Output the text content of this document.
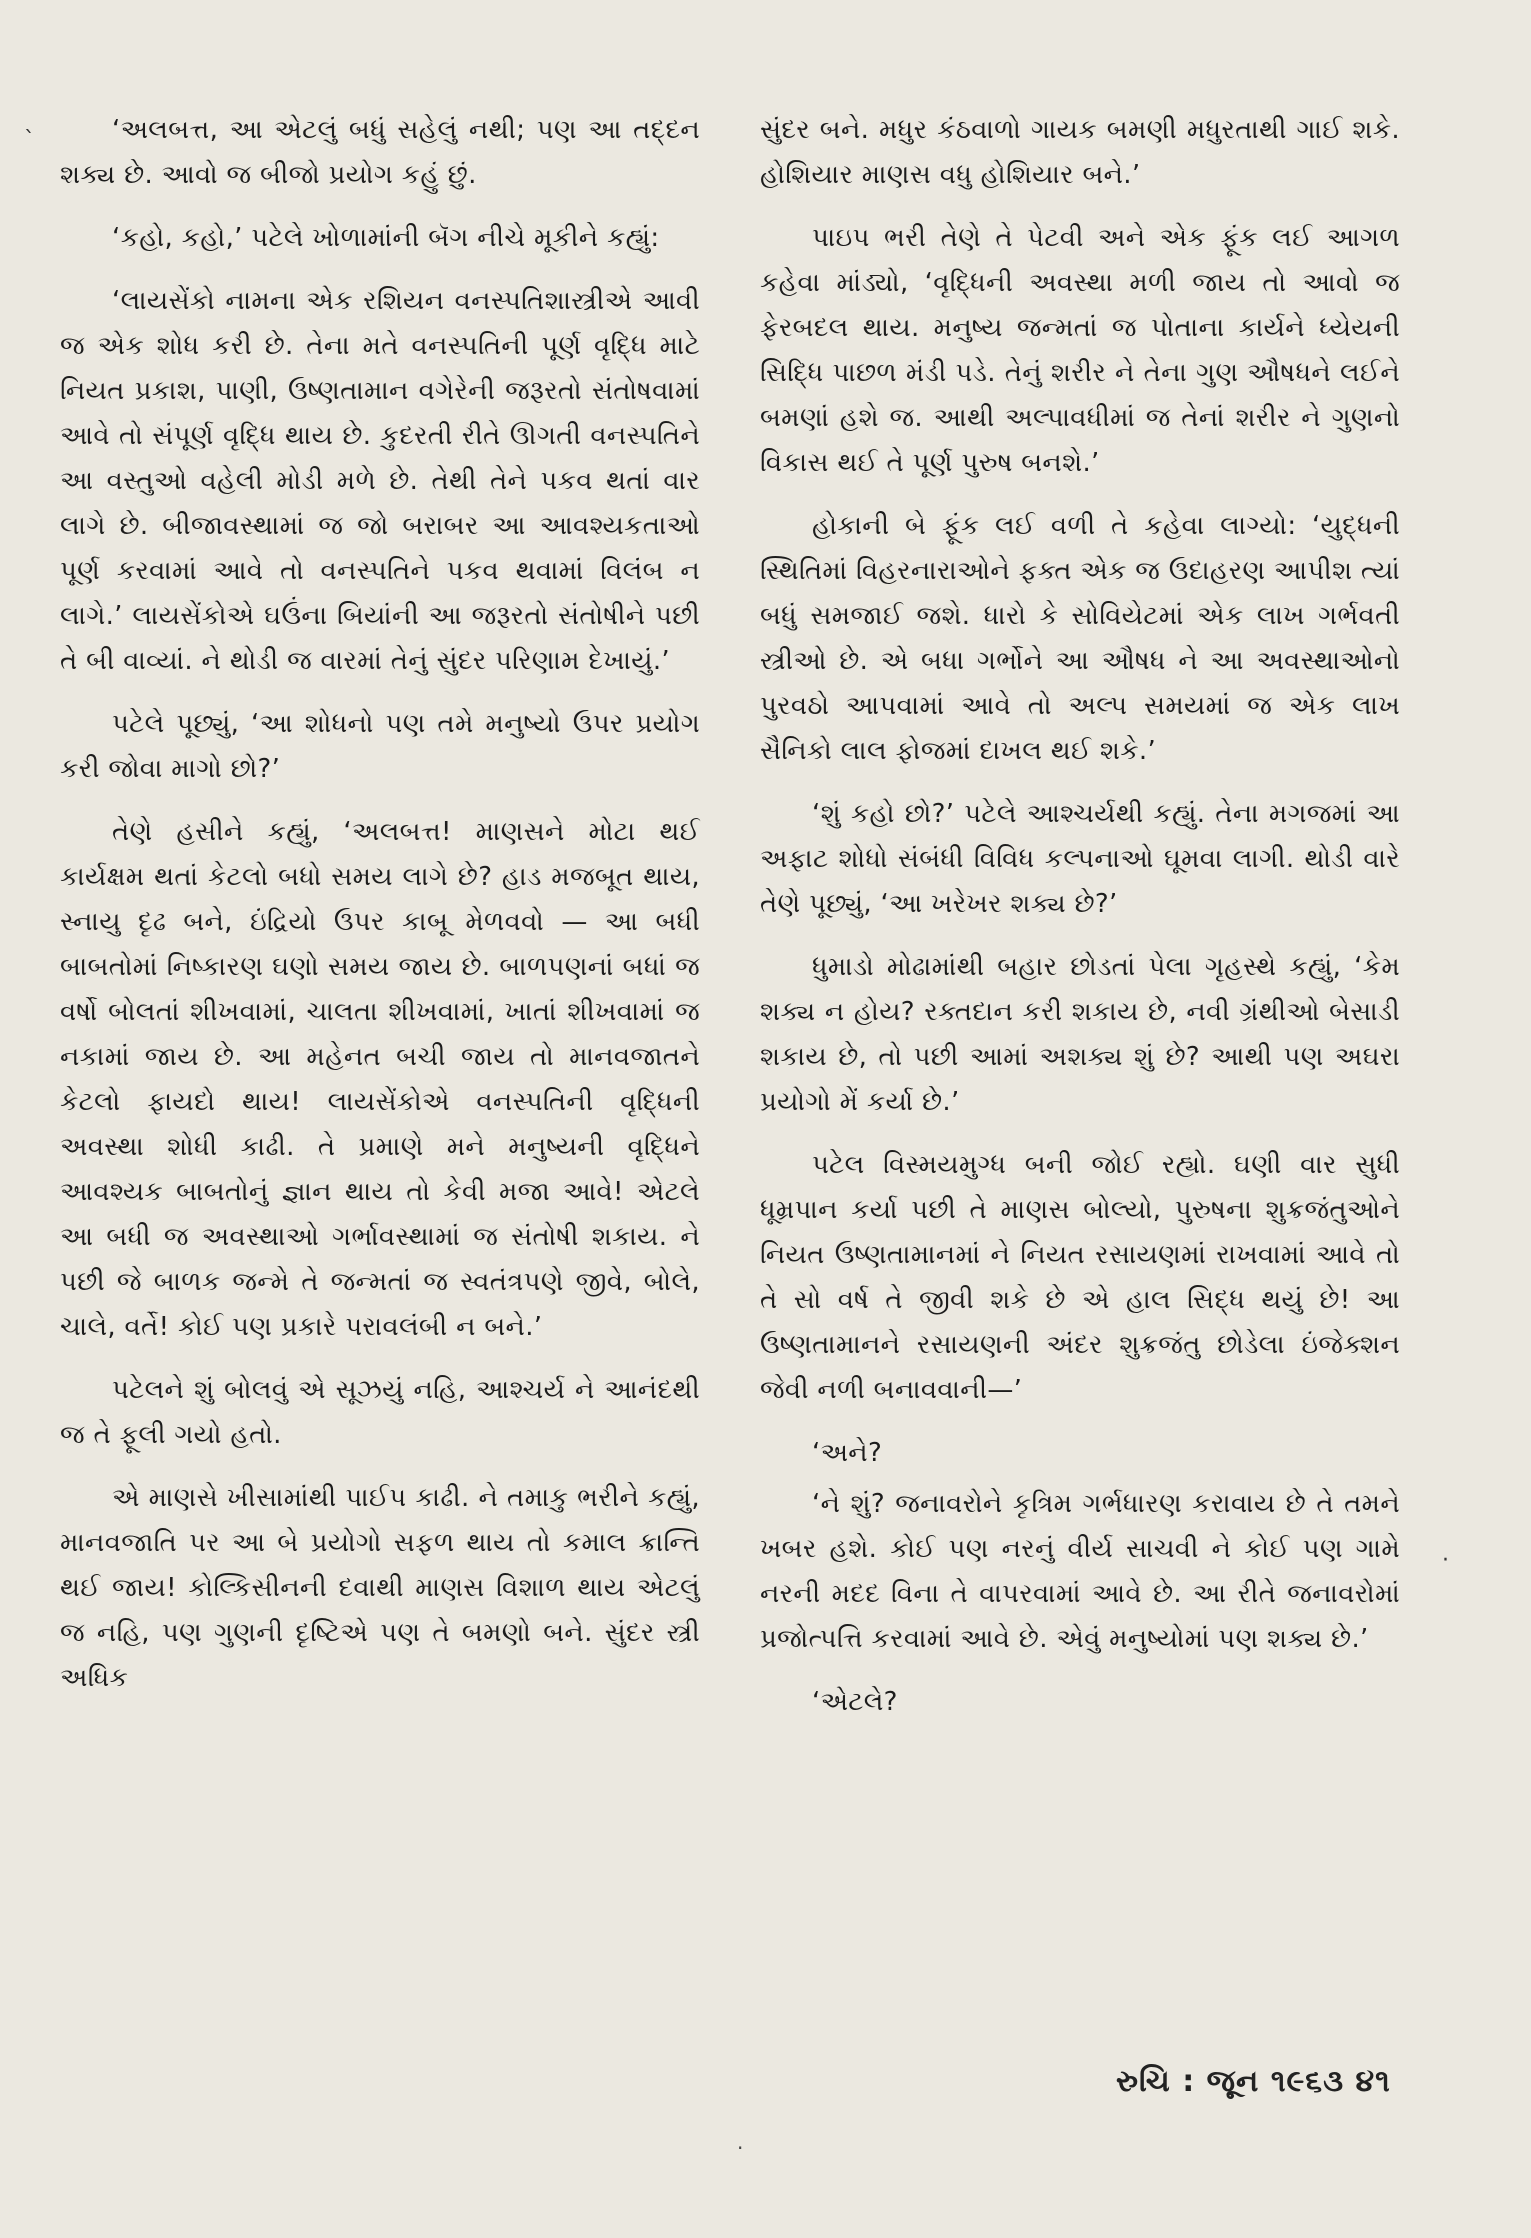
ˋ
·
·

‘અલબત્ત, આ એટલું બધું સહેલું નથી; પણ આ તદ્દન શક્ય છે. આવો જ બીજો પ્રયોગ કહું છું.

‘કહો, કહો,’ પટેલે ખોળામાંની બૅગ નીચે મૂકીને કહ્યું:

‘લાયસેંકો નામના એક રશિયન વનસ્પતિશાસ્ત્રીએ આવી જ એક શોધ કરી છે. તેના મતે વનસ્પતિની પૂર્ણ વૃદ્ધિ માટે નિયત પ્રકાશ, પાણી, ઉષ્ણતામાન વગેરેની જરૂરતો સંતોષવામાં આવે તો સંપૂર્ણ વૃદ્ધિ થાય છે. કુદરતી રીતે ઊગતી વનસ્પતિને આ વસ્તુઓ વહેલી મોડી મળે છે. તેથી તેને પકવ થતાં વાર લાગે છે. બીજાવસ્થામાં જ જો બરાબર આ આવશ્યકતાઓ પૂર્ણ કરવામાં આવે તો વનસ્પતિને પકવ થવામાં વિલંબ ન લાગે.’ લાયસેંકોએ ઘઉંના બિયાંની આ જરૂરતો સંતોષીને પછી તે બી વાવ્યાં. ને થોડી જ વારમાં તેનું સુંદર પરિણામ દેખાયું.’

પટેલે પૂછ્યું, ‘આ શોધનો પણ તમે મનુષ્યો ઉપર પ્રયોગ કરી જોવા માગો છો?’

તેણે હસીને કહ્યું, ‘અલબત્ત! માણસને મોટા થઈ કાર્યક્ષમ થતાં કેટલો બધો સમય લાગે છે? હાડ મજબૂત થાય, સ્નાયુ દૃઢ બને, ઇંદ્રિયો ઉપર કાબૂ મેળવવો — આ બધી બાબતોમાં નિષ્કારણ ઘણો સમય જાય છે. બાળપણનાં બધાં જ વર્ષો બોલતાં શીખવામાં, ચાલતા શીખવામાં, ખાતાં શીખવામાં જ નકામાં જાય છે. આ મહેનત બચી જાય તો માનવજાતને કેટલો ફાયદો થાય! લાયસેંકોએ વનસ્પતિની વૃદ્ધિની અવસ્થા શોધી કાઢી. તે પ્રમાણે મને મનુષ્યની વૃદ્ધિને આવશ્યક બાબતોનું જ્ઞાન થાય તો કેવી મજા આવે! એટલે આ બધી જ અવસ્થાઓ ગર્ભાવસ્થામાં જ સંતોષી શકાય. ને પછી જે બાળક જન્મે તે જન્મતાં જ સ્વતંત્રપણે જીવે, બોલે, ચાલે, વર્તે! કોઈ પણ પ્રકારે પરાવલંબી ન બને.’

પટેલને શું બોલવું એ સૂઝયું નહિ, આશ્ચર્ય ને આનંદથી જ તે ફૂલી ગયો હતો.

એ માણસે ખીસામાંથી પાઈપ કાઢી. ને તમાકુ ભરીને કહ્યું, માનવજાતિ પર આ બે પ્રયોગો સફળ થાય તો કમાલ ક્રાન્તિ થઈ જાય! કોલ્કિસીનની દવાથી માણસ વિશાળ થાય એટલું જ નહિ, પણ ગુણની દૃષ્ટિએ પણ તે બમણો બને. સુંદર સ્ત્રી અધિક

સુંદર બને. મધુર કંઠવાળો ગાયક બમણી મધુરતાથી ગાઈ શકે. હોશિયાર માણસ વધુ હોશિયાર બને.’

પાઇપ ભરી તેણે તે પેટવી અને એક ફૂંક લઈ આગળ કહેવા માંડ્યો, ‘વૃદ્ધિની અવસ્થા મળી જાય તો આવો જ ફેરબદલ થાય. મનુષ્ય જન્મતાં જ પોતાના કાર્યને ધ્યેયની સિદ્ધિ પાછળ મંડી પડે. તેનું શરીર ને તેના ગુણ ઔષધને લઈને બમણાં હશે જ. આથી અલ્પાવધીમાં જ તેનાં શરીર ને ગુણનો વિકાસ થઈ તે પૂર્ણ પુરુષ બનશે.’

હોકાની બે ફૂંક લઈ વળી તે કહેવા લાગ્યો: ‘યુદ્ધની સ્થિતિમાં વિહરનારાઓને ફક્ત એક જ ઉદાહરણ આપીશ ત્યાં બધું સમજાઈ જશે. ધારો કે સોવિયેટમાં એક લાખ ગર્ભવતી સ્ત્રીઓ છે. એ બધા ગર્ભોને આ ઔષધ ને આ અવસ્થાઓનો પુરવઠો આપવામાં આવે તો અલ્પ સમયમાં જ એક લાખ સૈનિકો લાલ ફોજમાં દાખલ થઈ શકે.’

‘શું કહો છો?’ પટેલે આશ્ચર્યથી કહ્યું. તેના મગજમાં આ અફાટ શોધો સંબંધી વિવિધ કલ્પનાઓ ઘૂમવા લાગી. થોડી વારે તેણે પૂછ્યું, ‘આ ખરેખર શક્ય છે?’

ધુમાડો મોઢામાંથી બહાર છોડતાં પેલા ગૃહસ્થે કહ્યું, ‘કેમ શક્ય ન હોય? રક્તદાન કરી શકાય છે, નવી ગ્રંથીઓ બેસાડી શકાય છે, તો પછી આમાં અશક્ય શું છે? આથી પણ અઘરા પ્રયોગો મેં કર્યા છે.’

પટેલ વિસ્મયમુગ્ધ બની જોઈ રહ્યો. ઘણી વાર સુધી ધૂમ્રપાન કર્યા પછી તે માણસ બોલ્યો, પુરુષના શુક્રજંતુઓને નિયત ઉષ્ણતામાનમાં ને નિયત રસાયણમાં રાખવામાં આવે તો તે સો વર્ષ તે જીવી શકે છે એ હાલ સિદ્ધ થયું છે! આ ઉષ્ણતામાનને રસાયણની અંદર શુક્રજંતુ છોડેલા ઇંજેક્શન જેવી નળી બનાવવાની—’

‘અને?

‘ને શું? જનાવરોને કૃત્રિમ ગર્ભધારણ કરાવાય છે તે તમને ખબર હશે. કોઈ પણ નરનું વીર્ય સાચવી ને કોઈ પણ ગામે નરની મદદ વિના તે વાપરવામાં આવે છે. આ રીતે જનાવરોમાં પ્રજોત્પત્તિ કરવામાં આવે છે. એવું મનુષ્યોમાં પણ શક્ય છે.’

‘એટલે?

રુચિ : જૂન ૧૯૬૩ ૪૧
